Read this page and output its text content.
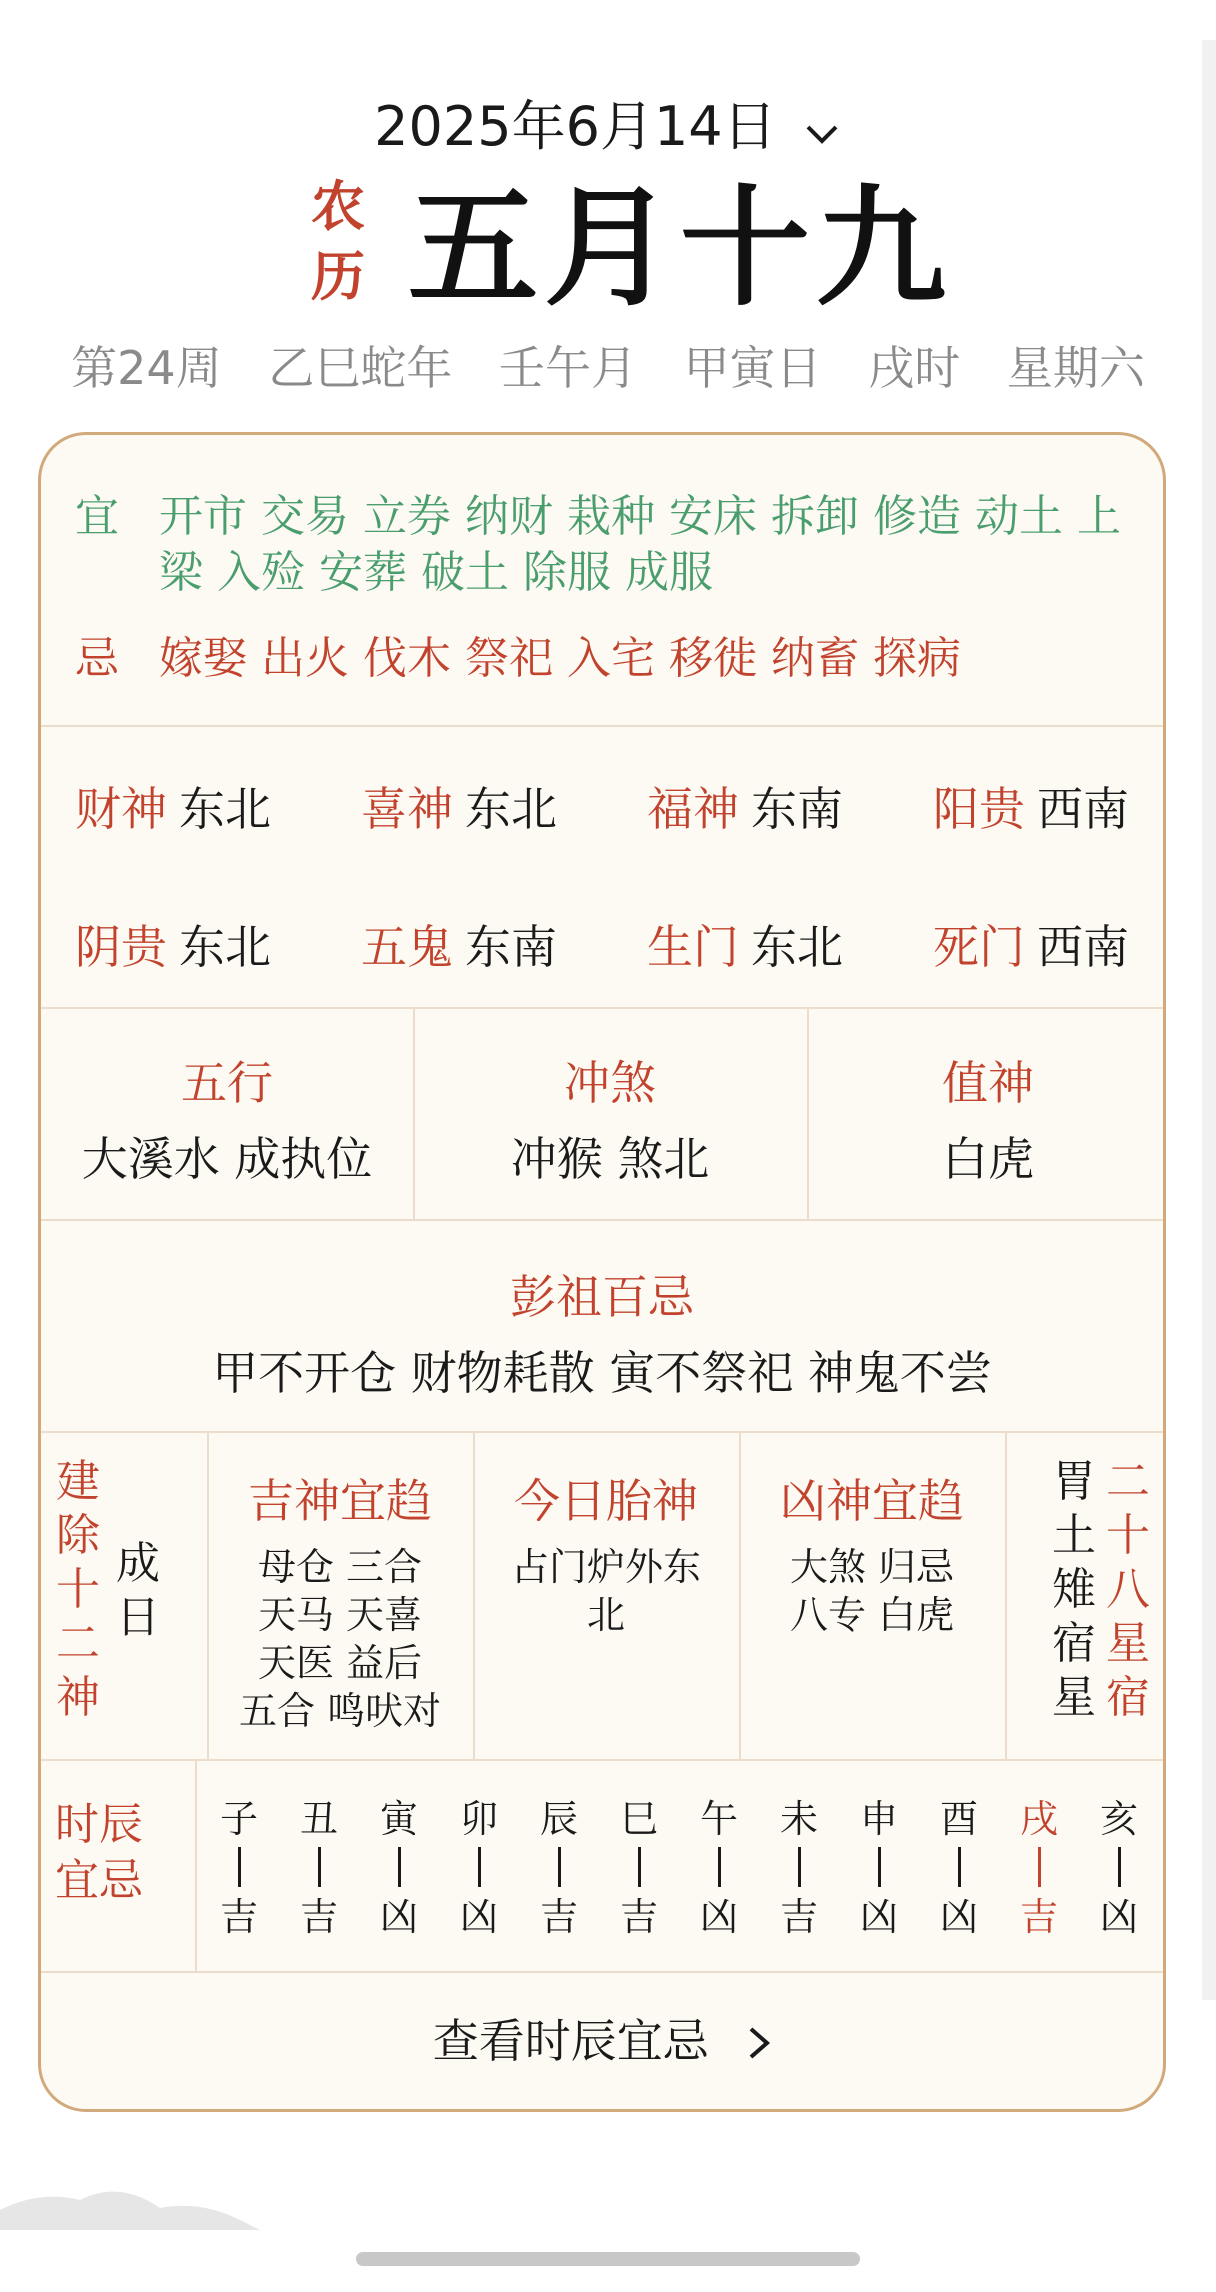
2025年6月14日
农
历 五月十九
第24周 乙巳蛇年 壬午月 甲寅日 戌时 星期六
宜 开市 交易 立券 纳财 栽种 安床 拆卸 修造 动土 上梁 入殓 安葬 破土 除服 成服
忌 嫁娶 出火 伐木 祭祀 入宅 移徙 纳畜 探病
财神 东北 喜神 东北 福神 东南 阳贵 西南
阴贵 东北 五鬼 东南 生门 东北 死门 西南
五行
大溪水 成执位
冲煞
冲猴 煞北
值神
白虎
彭祖百忌
甲不开仓 财物耗散 寅不祭祀 神鬼不尝
建
除
十
二
神
成
日
吉神宜趋
母仓 三合
天马 天喜
天医 益后
五合 鸣吠对
今日胎神
占门炉外东
北
凶神宜趋
大煞 归忌
八专 白虎
胃
土
雉
宿
星
二
十
八
星
宿
时辰
宜忌
子
吉
丑
吉
寅
凶
卯
凶
辰
吉
巳
吉
午
凶
未
吉
申
凶
酉
凶
戌
吉
亥
凶
查看时辰宜忌
